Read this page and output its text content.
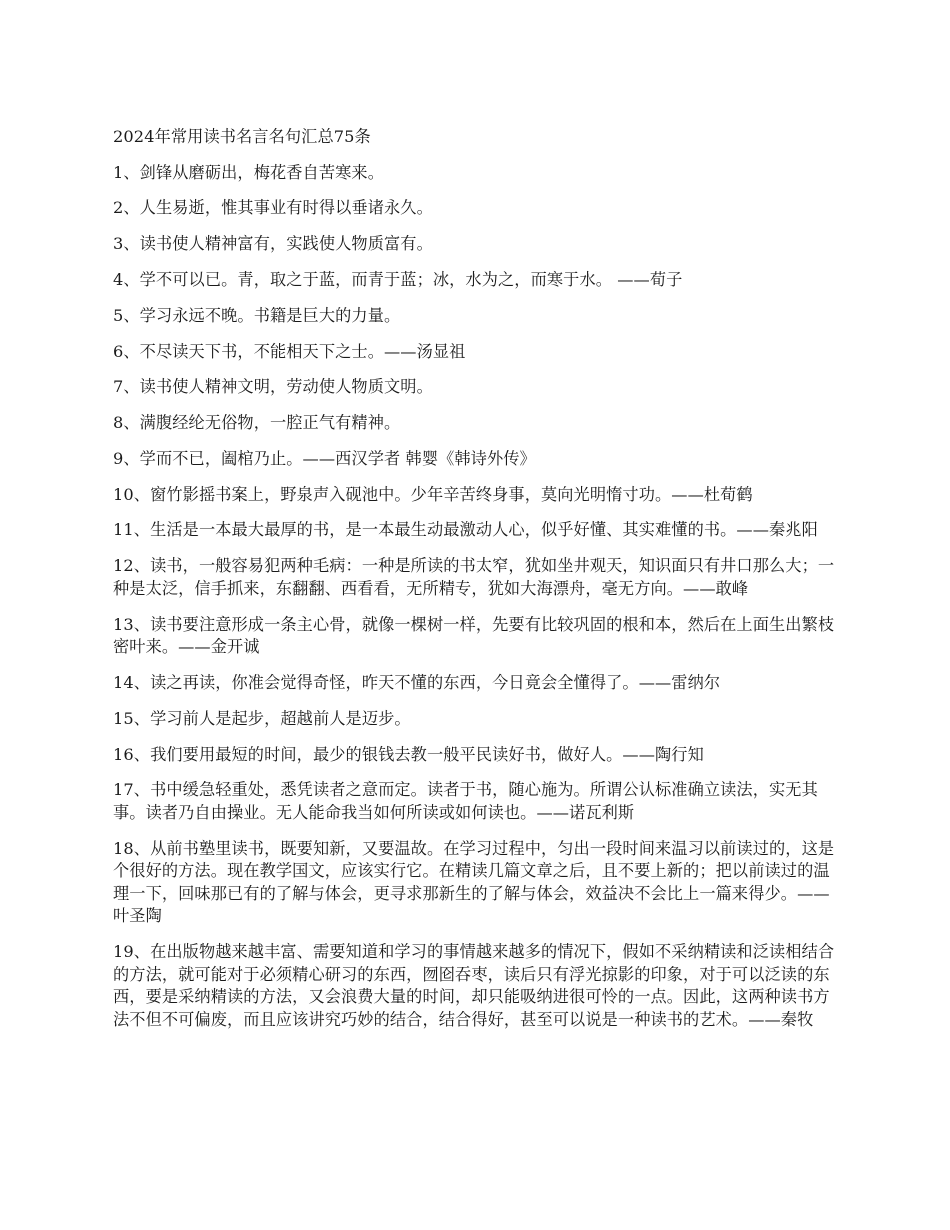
2024年常用读书名言名句汇总75条

1、剑锋从磨砺出，梅花香自苦寒来。

2、人生易逝，惟其事业有时得以垂诸永久。

3、读书使人精神富有，实践使人物质富有。

4、学不可以已。青，取之于蓝，而青于蓝；冰，水为之，而寒于水。 ——荀子

5、学习永远不晚。书籍是巨大的力量。

6、不尽读天下书，不能相天下之士。——汤显祖

7、读书使人精神文明，劳动使人物质文明。

8、满腹经纶无俗物，一腔正气有精神。

9、学而不已，阖棺乃止。——西汉学者 韩婴《韩诗外传》

10、窗竹影摇书案上，野泉声入砚池中。少年辛苦终身事，莫向光明惰寸功。——杜荀鹤

11、生活是一本最大最厚的书，是一本最生动最激动人心，似乎好懂、其实难懂的书。——秦兆阳

12、读书，一般容易犯两种毛病：一种是所读的书太窄，犹如坐井观天，知识面只有井口那么大；一种是太泛，信手抓来，东翻翻、西看看，无所精专，犹如大海漂舟，毫无方向。——敢峰

13、读书要注意形成一条主心骨，就像一棵树一样，先要有比较巩固的根和本，然后在上面生出繁枝密叶来。——金开诚

14、读之再读，你准会觉得奇怪，昨天不懂的东西，今日竟会全懂得了。——雷纳尔

15、学习前人是起步，超越前人是迈步。

16、我们要用最短的时间，最少的银钱去教一般平民读好书，做好人。——陶行知

17、书中缓急轻重处，悉凭读者之意而定。读者于书，随心施为。所谓公认标准确立读法，实无其事。读者乃自由操业。无人能命我当如何所读或如何读也。——诺瓦利斯

18、从前书塾里读书，既要知新，又要温故。在学习过程中，匀出一段时间来温习以前读过的，这是个很好的方法。现在教学国文，应该实行它。在精读几篇文章之后，且不要上新的；把以前读过的温理一下，回味那已有的了解与体会，更寻求那新生的了解与体会，效益决不会比上一篇来得少。——叶圣陶

19、在出版物越来越丰富、需要知道和学习的事情越来越多的情况下，假如不采纳精读和泛读相结合的方法，就可能对于必须精心研习的东西，囫囵吞枣，读后只有浮光掠影的印象，对于可以泛读的东西，要是采纳精读的方法，又会浪费大量的时间，却只能吸纳进很可怜的一点。因此，这两种读书方法不但不可偏废，而且应该讲究巧妙的结合，结合得好，甚至可以说是一种读书的艺术。——秦牧
